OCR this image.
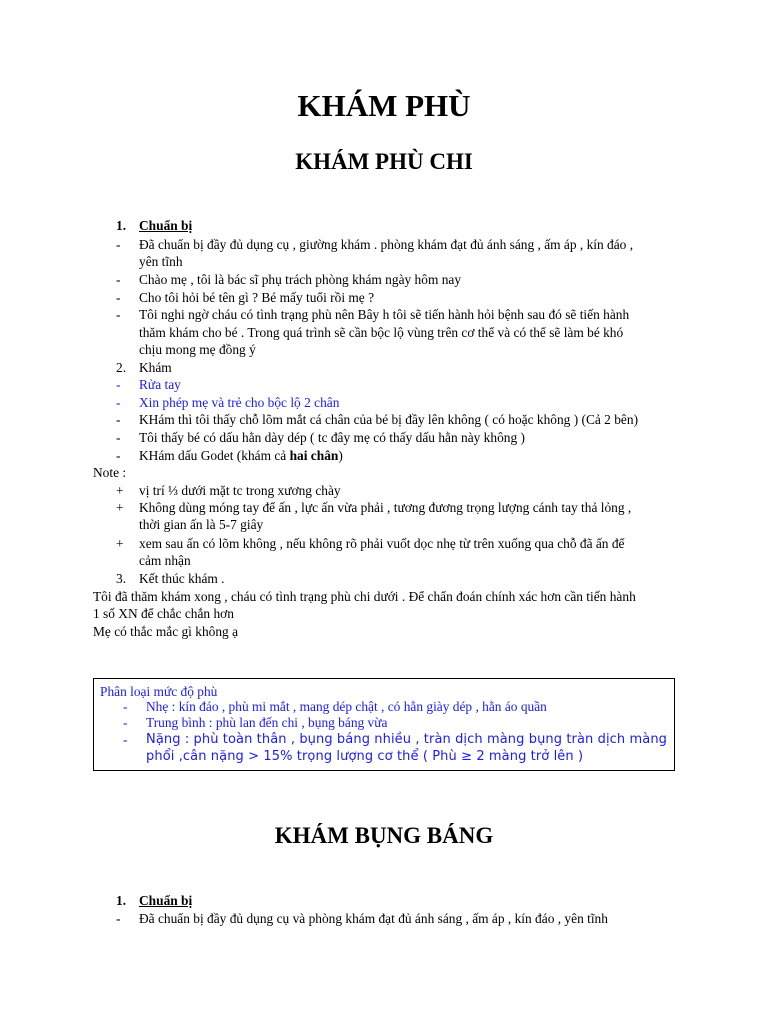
KHÁM PHÙ
KHÁM PHÙ CHI
1. Chuẩn bị
- Đã chuẩn bị đầy đủ dụng cụ , giường khám . phòng khám đạt đủ ánh sáng , ấm áp , kín đáo ,
yên tĩnh
- Chào mẹ , tôi là bác sĩ phụ trách phòng khám ngày hôm nay
- Cho tôi hỏi bé tên gì ? Bé mấy tuổi rồi mẹ ?
- Tôi nghi ngờ cháu có tình trạng phù nên Bây h tôi sẽ tiến hành hỏi bệnh sau đó sẽ tiến hành
thăm khám cho bé . Trong quá trình sẽ cần bộc lộ vùng trên cơ thể và có thể sẽ làm bé khó
chịu mong mẹ đồng ý
2. Khám
- Rửa tay
- Xin phép mẹ và trẻ cho bộc lộ 2 chân
- KHám thì tôi thấy chỗ lõm mắt cá chân của bé bị đầy lên không ( có hoặc không ) (Cả 2 bên)
- Tôi thấy bé có dấu hằn dày dép ( tc đây mẹ có thấy dấu hằn này không )
- KHám dấu Godet (khám cả hai chân)
Note :
+ vị trí ⅓ dưới mặt tc trong xương chày
+ Không dùng móng tay để ấn , lực ấn vừa phải , tương đương trọng lượng cánh tay thả lỏng ,
thời gian ấn là 5-7 giây
+ xem sau ấn có lõm không , nếu không rõ phải vuốt dọc nhẹ từ trên xuống qua chỗ đã ấn để
cảm nhận
3. Kết thúc khám .
Tôi đã thăm khám xong , cháu có tình trạng phù chi dưới . Để chẩn đoán chính xác hơn cần tiến hành
1 số XN để chắc chắn hơn
Mẹ có thắc mắc gì không ạ
Phân loại mức độ phù
- Nhẹ : kín đáo , phù mi mắt , mang dép chật , có hằn giày dép , hằn áo quần
- Trung bình : phù lan đến chi , bụng báng vừa
- Nặng : phù toàn thân , bụng báng nhiều , tràn dịch màng bụng tràn dịch màng
phổi ,cân nặng > 15% trọng lượng cơ thể ( Phù ≥ 2 màng trở lên )
KHÁM BỤNG BÁNG
1. Chuẩn bị
- Đã chuẩn bị đầy đủ dụng cụ và phòng khám đạt đủ ánh sáng , ấm áp , kín đáo , yên tĩnh
